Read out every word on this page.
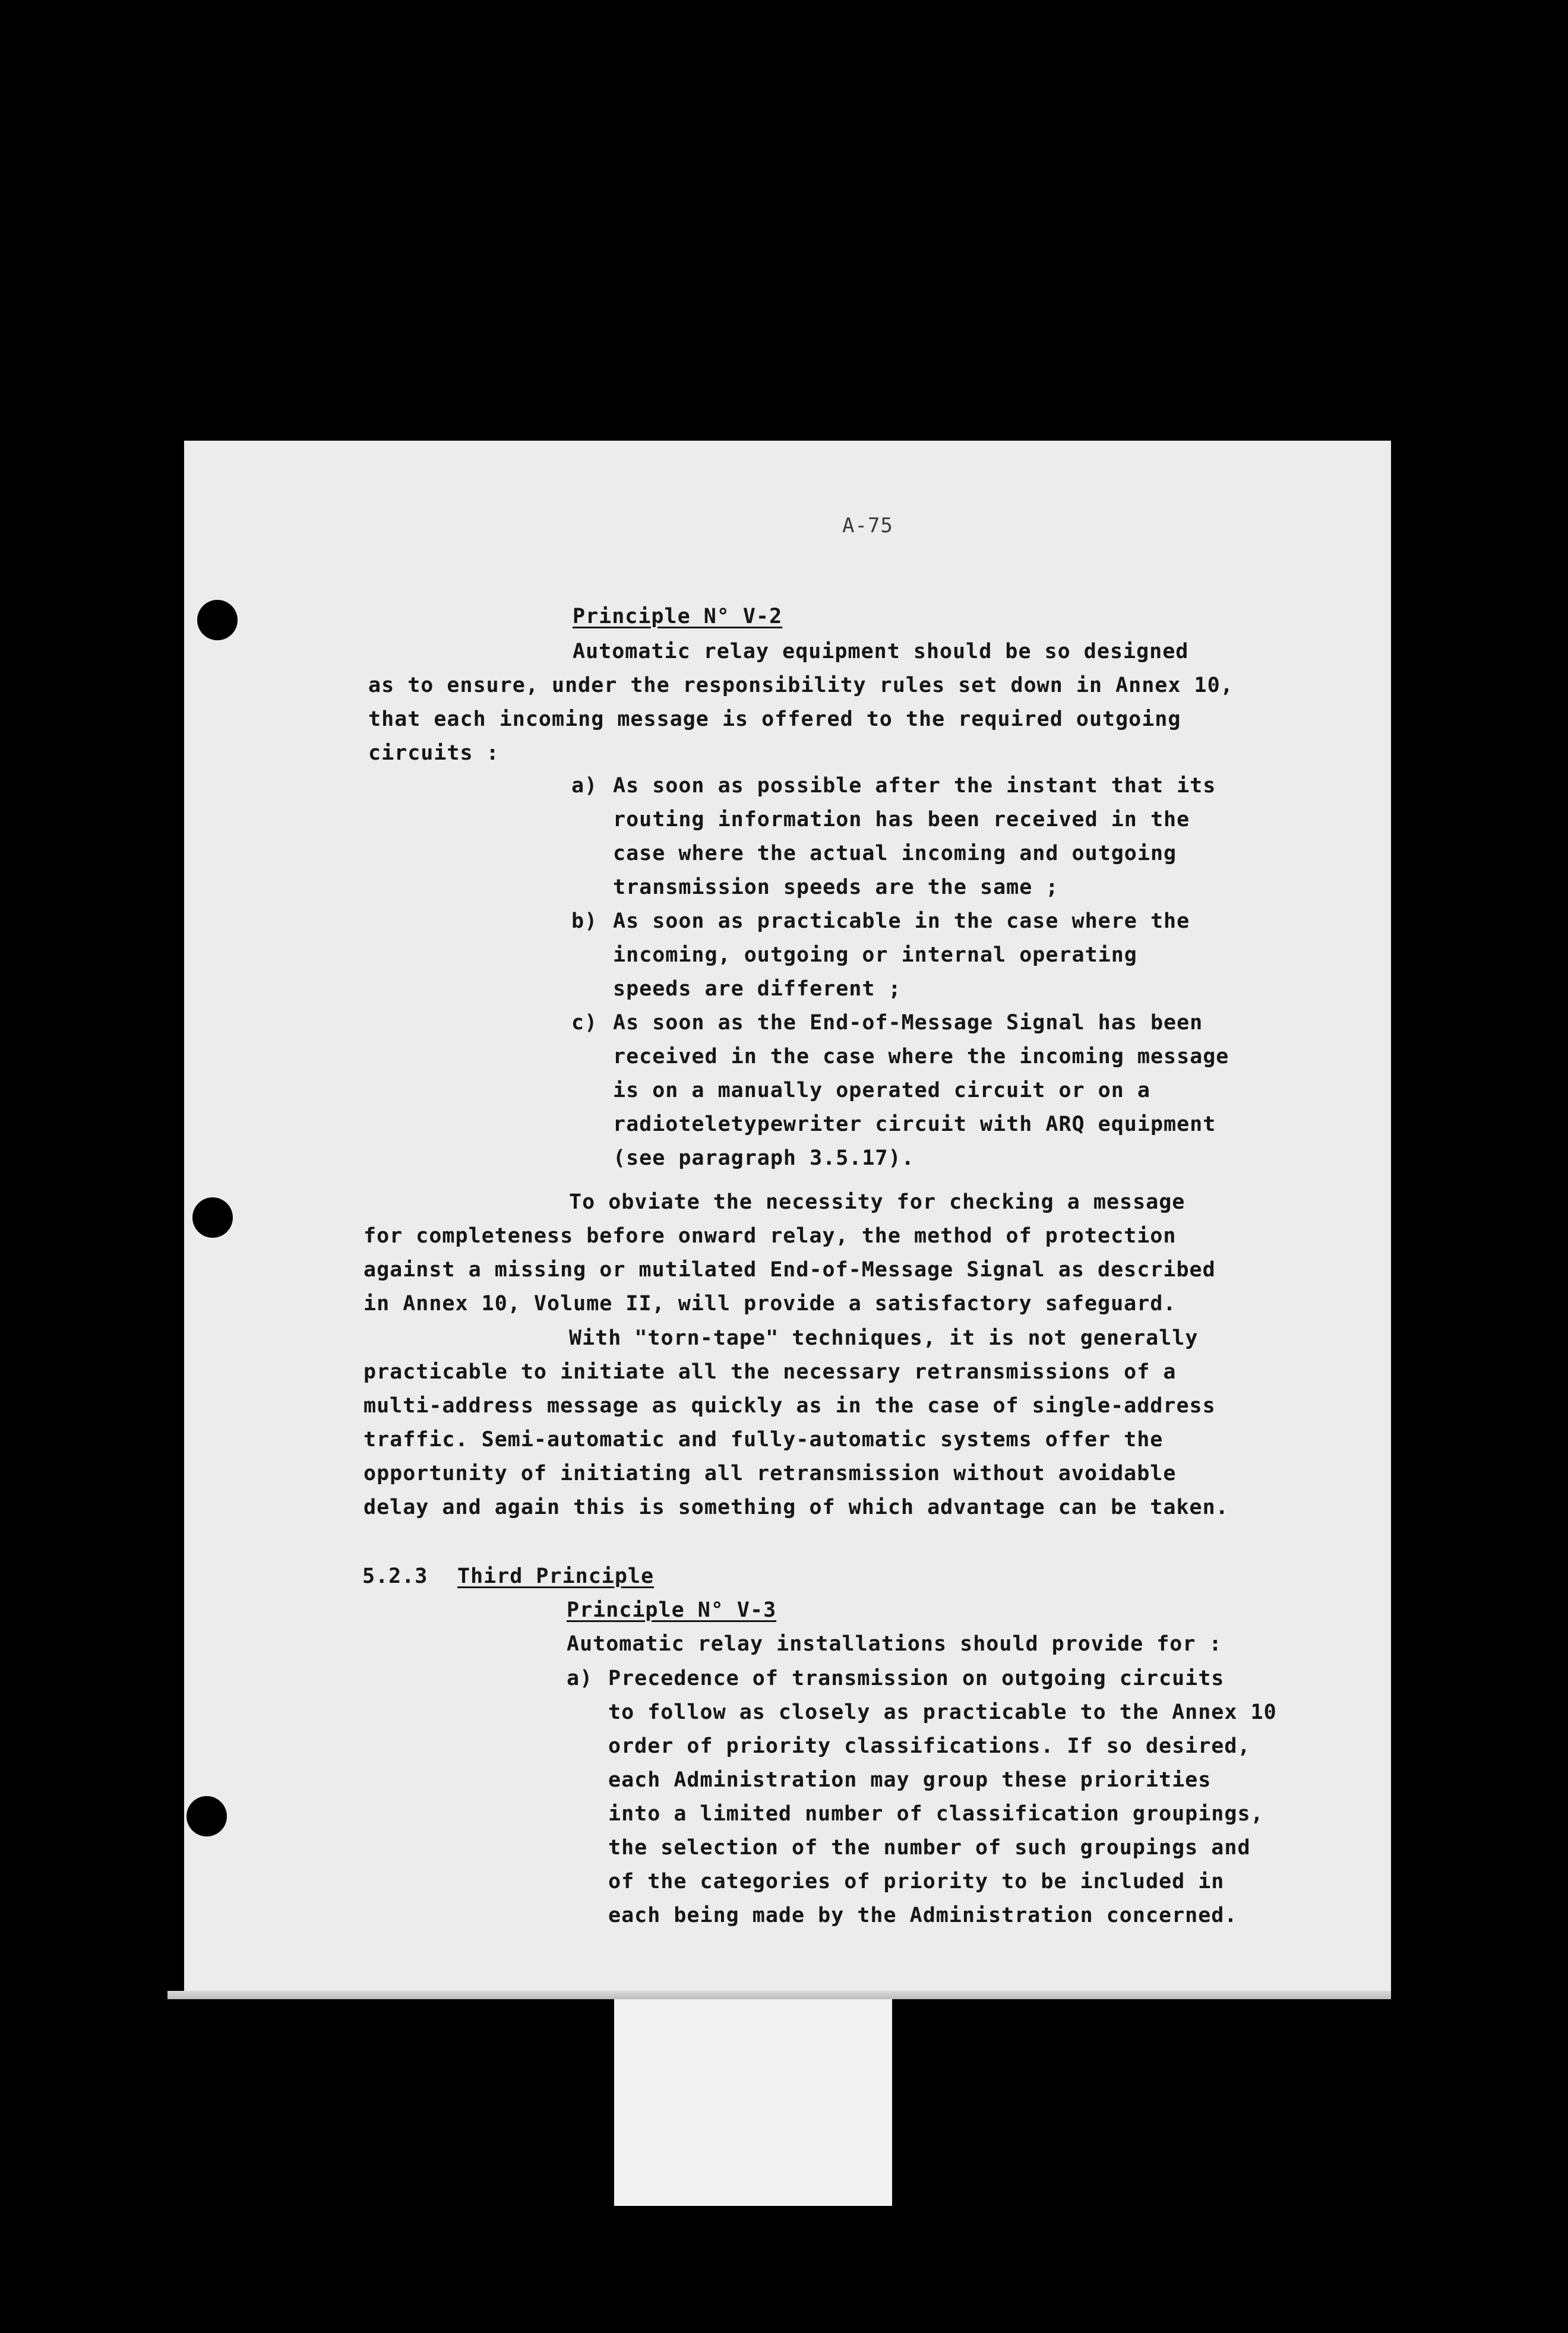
A-75
Principle N° V-2
Automatic relay equipment should be so designed
as to ensure, under the responsibility rules set down in Annex 10,
that each incoming message is offered to the required outgoing
circuits :
a) As soon as possible after the instant that its
routing information has been received in the
case where the actual incoming and outgoing
transmission speeds are the same ;
b) As soon as practicable in the case where the
incoming, outgoing or internal operating
speeds are different ;
c) As soon as the End-of-Message Signal has been
received in the case where the incoming message
is on a manually operated circuit or on a
radioteletypewriter circuit with ARQ equipment
(see paragraph 3.5.17).
To obviate the necessity for checking a message
for completeness before onward relay, the method of protection
against a missing or mutilated End-of-Message Signal as described
in Annex 10, Volume II, will provide a satisfactory safeguard.
With "torn-tape" techniques, it is not generally
practicable to initiate all the necessary retransmissions of a
multi-address message as quickly as in the case of single-address
traffic. Semi-automatic and fully-automatic systems offer the
opportunity of initiating all retransmission without avoidable
delay and again this is something of which advantage can be taken.
5.2.3 Third Principle
Principle N° V-3
Automatic relay installations should provide for :
a) Precedence of transmission on outgoing circuits
to follow as closely as practicable to the Annex 10
order of priority classifications. If so desired,
each Administration may group these priorities
into a limited number of classification groupings,
the selection of the number of such groupings and
of the categories of priority to be included in
each being made by the Administration concerned.
